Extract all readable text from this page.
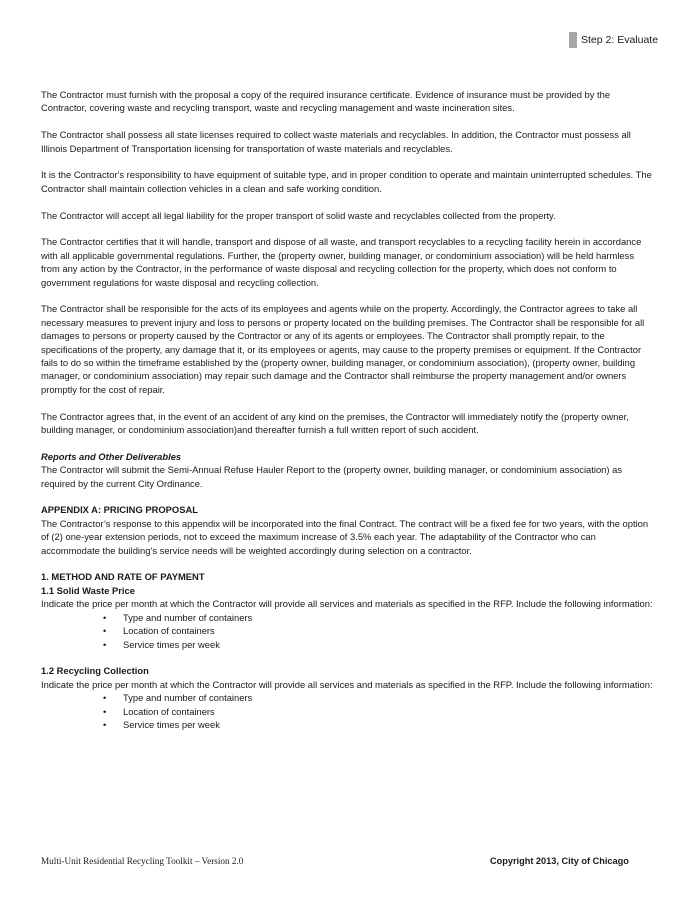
Step 2: Evaluate

The Contractor must furnish with the proposal a copy of the required insurance certificate. Evidence of insurance must be provided by the Contractor, covering waste and recycling transport, waste and recycling management and waste incineration sites.

The Contractor shall possess all state licenses required to collect waste materials and recyclables. In addition, the Contractor must possess all Illinois Department of Transportation licensing for transportation of waste materials and recyclables.

It is the Contractor's responsibility to have equipment of suitable type, and in proper condition to operate and maintain uninterrupted schedules. The Contractor shall maintain collection vehicles in a clean and safe working condition.

The Contractor will accept all legal liability for the proper transport of solid waste and recyclables collected from the property.

The Contractor certifies that it will handle, transport and dispose of all waste, and transport recyclables to a recycling facility herein in accordance with all applicable governmental regulations. Further, the (property owner, building manager, or condominium association) will be held harmless from any action by the Contractor, in the performance of waste disposal and recycling collection for the property, which does not conform to government regulations for waste disposal and recycling collection.

The Contractor shall be responsible for the acts of its employees and agents while on the property. Accordingly, the Contractor agrees to take all necessary measures to prevent injury and loss to persons or property located on the building premises. The Contractor shall be responsible for all damages to persons or property caused by the Contractor or any of its agents or employees. The Contractor shall promptly repair, to the specifications of the property, any damage that it, or its employees or agents, may cause to the property premises or equipment. If the Contractor fails to do so within the timeframe established by the (property owner, building manager, or condominium association), (property owner, building manager, or condominium association) may repair such damage and the Contractor shall reimburse the property management and/or owners promptly for the cost of repair.

The Contractor agrees that, in the event of an accident of any kind on the premises, the Contractor will immediately notify the (property owner, building manager, or condominium association)and thereafter furnish a full written report of such accident.

Reports and Other Deliverables

The Contractor will submit the Semi-Annual Refuse Hauler Report to the (property owner, building manager, or condominium association) as required by the current City Ordinance.

APPENDIX A: PRICING PROPOSAL

The Contractor’s response to this appendix will be incorporated into the final Contract. The contract will be a fixed fee for two years, with the option of (2) one-year extension periods, not to exceed the maximum increase of 3.5% each year. The adaptability of the Contractor who can accommodate the building’s service needs will be weighted accordingly during selection on a contractor.

1. METHOD AND RATE OF PAYMENT

1.1 Solid Waste Price

Indicate the price per month at which the Contractor will provide all services and materials as specified in the RFP. Include the following information:

• Type and number of containers
• Location of containers
• Service times per week

1.2 Recycling Collection

Indicate the price per month at which the Contractor will provide all services and materials as specified in the RFP. Include the following information:

• Type and number of containers
• Location of containers
• Service times per week
Multi-Unit Residential Recycling Toolkit – Version 2.0	Copyright 2013, City of Chicago
